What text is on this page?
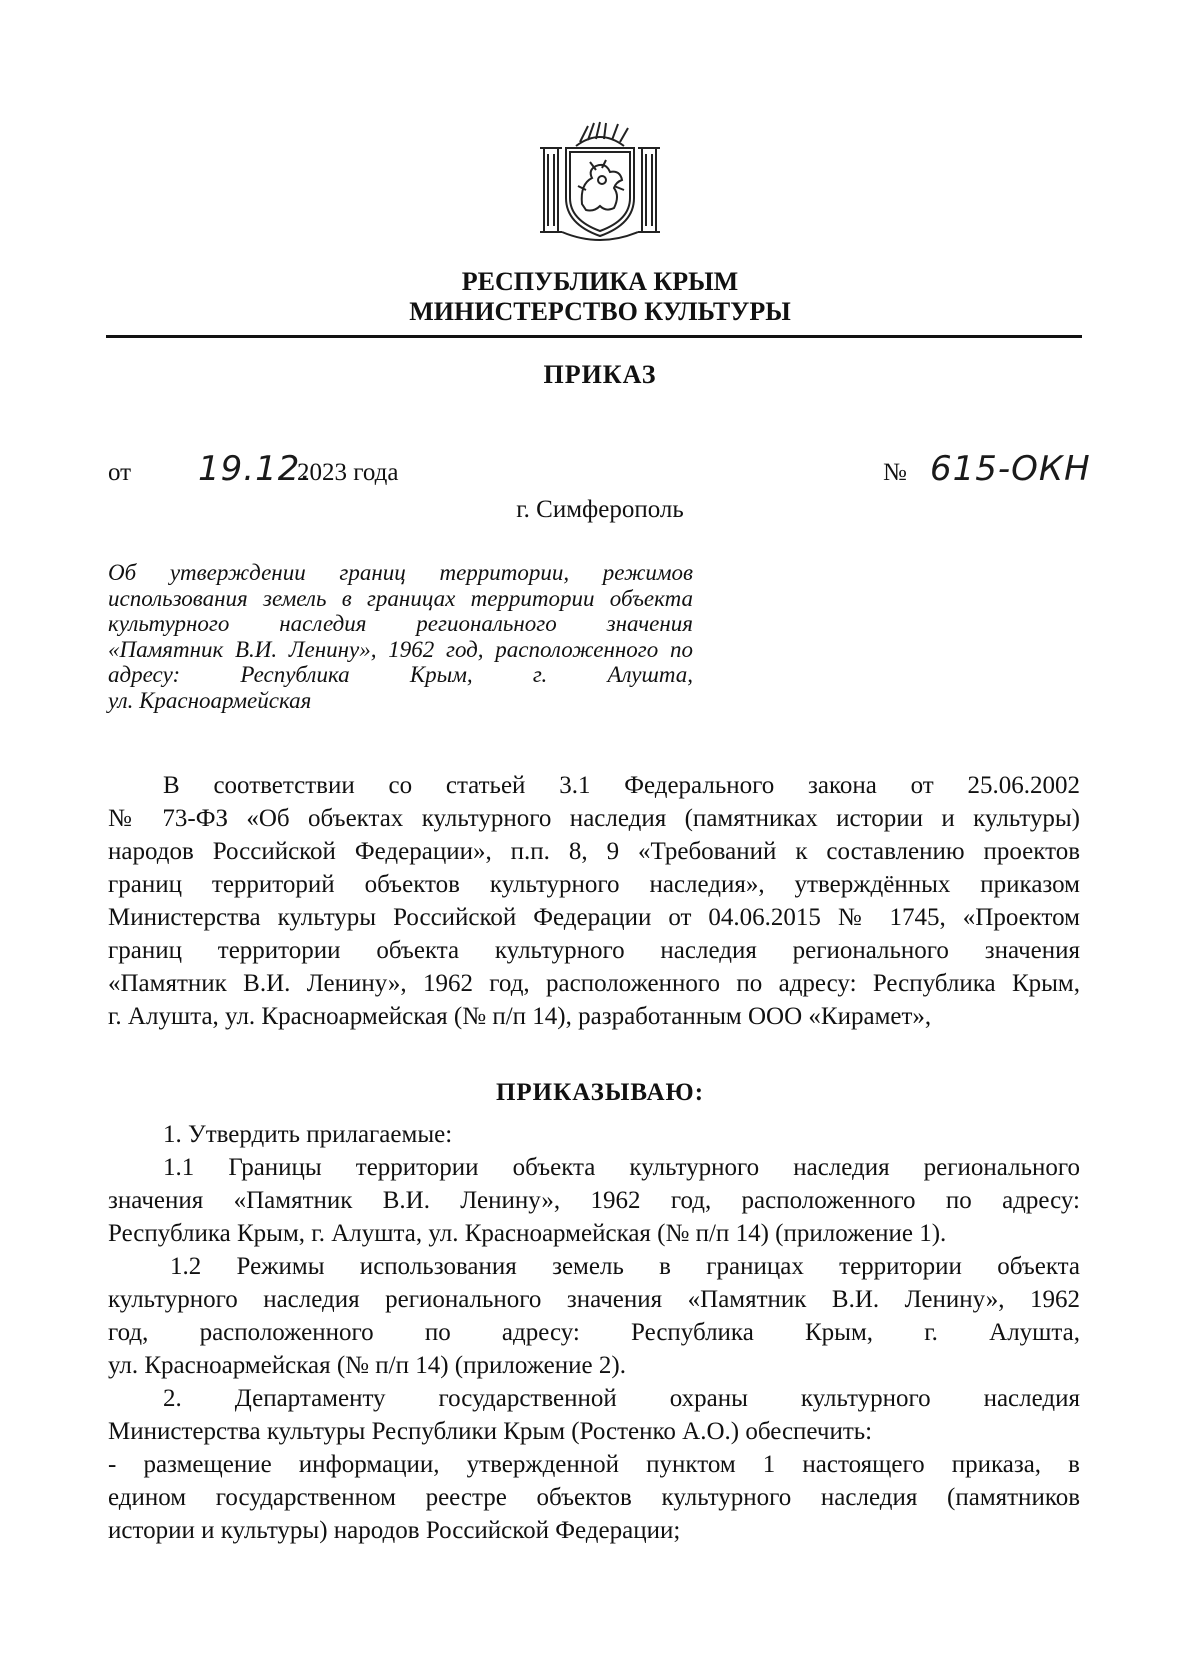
РЕСПУБЛИКА КРЫМ
МИНИСТЕРСТВО КУЛЬТУРЫ
ПРИКАЗ
от 19.12.
2023 года	№ 615-ОКН
г. Симферополь
Об утверждении границ территории, режимов
использования земель в границах территории объекта
культурного наследия регионального значения
«Памятник В.И. Ленину», 1962 год, расположенного по
адресу: Республика Крым, г. Алушта,
ул. Красноармейская
В соответствии со статьей 3.1 Федерального закона от 25.06.2002
№ 73-ФЗ «Об объектах культурного наследия (памятниках истории и культуры)
народов Российской Федерации», п.п. 8, 9 «Требований к составлению проектов
границ территорий объектов культурного наследия», утверждённых приказом
Министерства культуры Российской Федерации от 04.06.2015 № 1745, «Проектом
границ территории объекта культурного наследия регионального значения
«Памятник В.И. Ленину», 1962 год, расположенного по адресу: Республика Крым,
г. Алушта, ул. Красноармейская (№ п/п 14), разработанным ООО «Кирамет»,
ПРИКАЗЫВАЮ:
1. Утвердить прилагаемые:
1.1 Границы территории объекта культурного наследия регионального
значения «Памятник В.И. Ленину», 1962 год, расположенного по адресу:
Республика Крым, г. Алушта, ул. Красноармейская (№ п/п 14) (приложение 1).
1.2 Режимы использования земель в границах территории объекта
культурного наследия регионального значения «Памятник В.И. Ленину», 1962
год, расположенного по адресу: Республика Крым, г. Алушта,
ул. Красноармейская (№ п/п 14) (приложение 2).
2. Департаменту государственной охраны культурного наследия
Министерства культуры Республики Крым (Ростенко А.О.) обеспечить:
- размещение информации, утвержденной пунктом 1 настоящего приказа, в
едином государственном реестре объектов культурного наследия (памятников
истории и культуры) народов Российской Федерации;
